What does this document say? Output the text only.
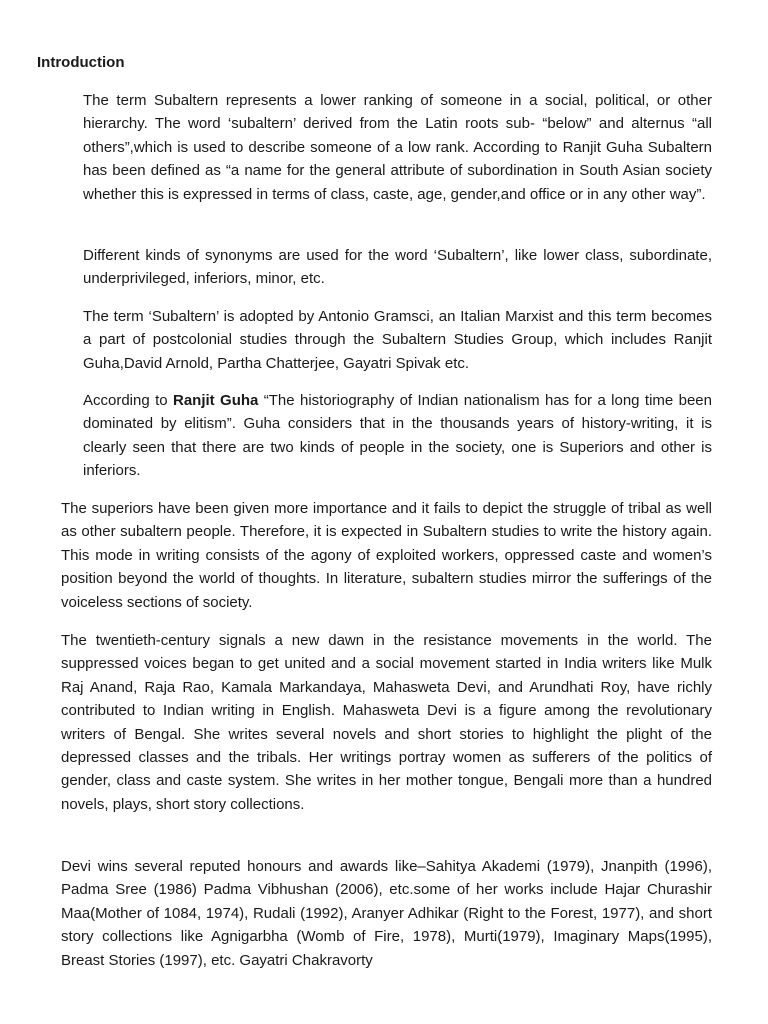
Introduction

The term Subaltern represents a lower ranking of someone in a social, political, or other hierarchy. The word ‘subaltern’ derived from the Latin roots sub- “below” and alternus “all others”,which is used to describe someone of a low rank. According to Ranjit Guha Subaltern has been defined as “a name for the general attribute of subordination in South Asian society whether this is expressed in terms of class, caste, age, gender,and office or in any other way”.

Different kinds of synonyms are used for the word ‘Subaltern’, like lower class, subordinate, underprivileged, inferiors, minor, etc.

The term ‘Subaltern’ is adopted by Antonio Gramsci, an Italian Marxist and this term becomes a part of postcolonial studies through the Subaltern Studies Group, which includes Ranjit Guha,David Arnold, Partha Chatterjee, Gayatri Spivak etc.

According to Ranjit Guha “The historiography of Indian nationalism has for a long time been dominated by elitism”. Guha considers that in the thousands years of history-writing, it is clearly seen that there are two kinds of people in the society, one is Superiors and other is inferiors.

The superiors have been given more importance and it fails to depict the struggle of tribal as well as other subaltern people. Therefore, it is expected in Subaltern studies to write the history again. This mode in writing consists of the agony of exploited workers, oppressed caste and women’s position beyond the world of thoughts. In literature, subaltern studies mirror the sufferings of the voiceless sections of society.

The twentieth-century signals a new dawn in the resistance movements in the world. The suppressed voices began to get united and a social movement started in India writers like Mulk Raj Anand, Raja Rao, Kamala Markandaya, Mahasweta Devi, and Arundhati Roy, have richly contributed to Indian writing in English. Mahasweta Devi is a figure among the revolutionary writers of Bengal. She writes several novels and short stories to highlight the plight of the depressed classes and the tribals. Her writings portray women as sufferers of the politics of gender, class and caste system. She writes in her mother tongue, Bengali more than a hundred novels, plays, short story collections.

Devi wins several reputed honours and awards like–Sahitya Akademi (1979), Jnanpith (1996), Padma Sree (1986) Padma Vibhushan (2006), etc.some of her works include Hajar Churashir Maa(Mother of 1084, 1974), Rudali (1992), Aranyer Adhikar (Right to the Forest, 1977), and short story collections like Agnigarbha (Womb of Fire, 1978), Murti(1979), Imaginary Maps(1995), Breast Stories (1997), etc. Gayatri Chakravorty
